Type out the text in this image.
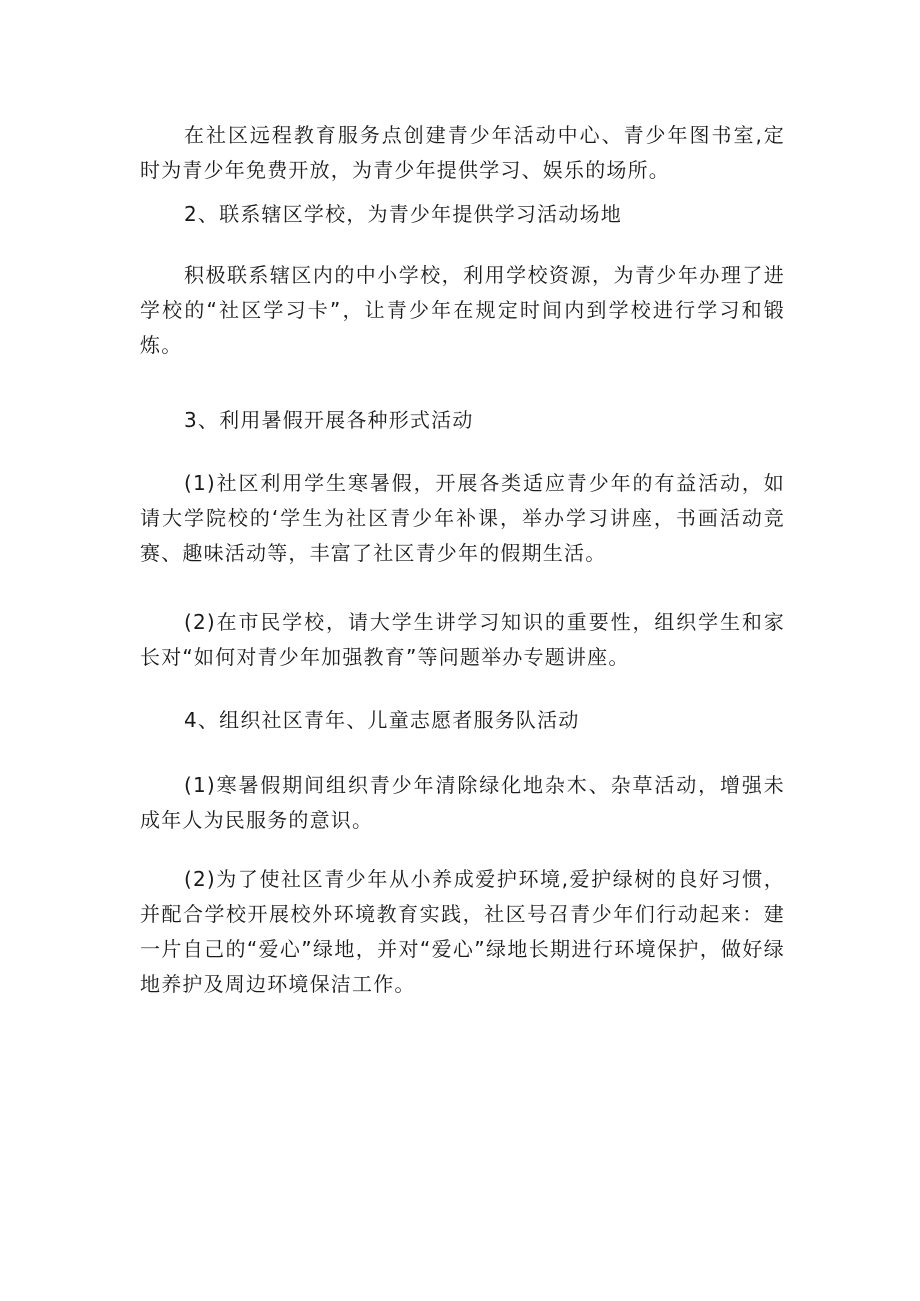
在社区远程教育服务点创建青少年活动中心、青少年图书室,定时为青少年免费开放，为青少年提供学习、娱乐的场所。

2、联系辖区学校，为青少年提供学习活动场地

积极联系辖区内的中小学校，利用学校资源，为青少年办理了进学校的“社区学习卡”，让青少年在规定时间内到学校进行学习和锻炼。

3、利用暑假开展各种形式活动

(1)社区利用学生寒暑假，开展各类适应青少年的有益活动，如请大学院校的‘学生为社区青少年补课，举办学习讲座，书画活动竞赛、趣味活动等，丰富了社区青少年的假期生活。

(2)在市民学校，请大学生讲学习知识的重要性，组织学生和家长对“如何对青少年加强教育”等问题举办专题讲座。

4、组织社区青年、儿童志愿者服务队活动

(1)寒暑假期间组织青少年清除绿化地杂木、杂草活动，增强未成年人为民服务的意识。

(2)为了使社区青少年从小养成爱护环境,爱护绿树的良好习惯，并配合学校开展校外环境教育实践，社区号召青少年们行动起来：建一片自己的“爱心”绿地，并对“爱心”绿地长期进行环境保护，做好绿地养护及周边环境保洁工作。
